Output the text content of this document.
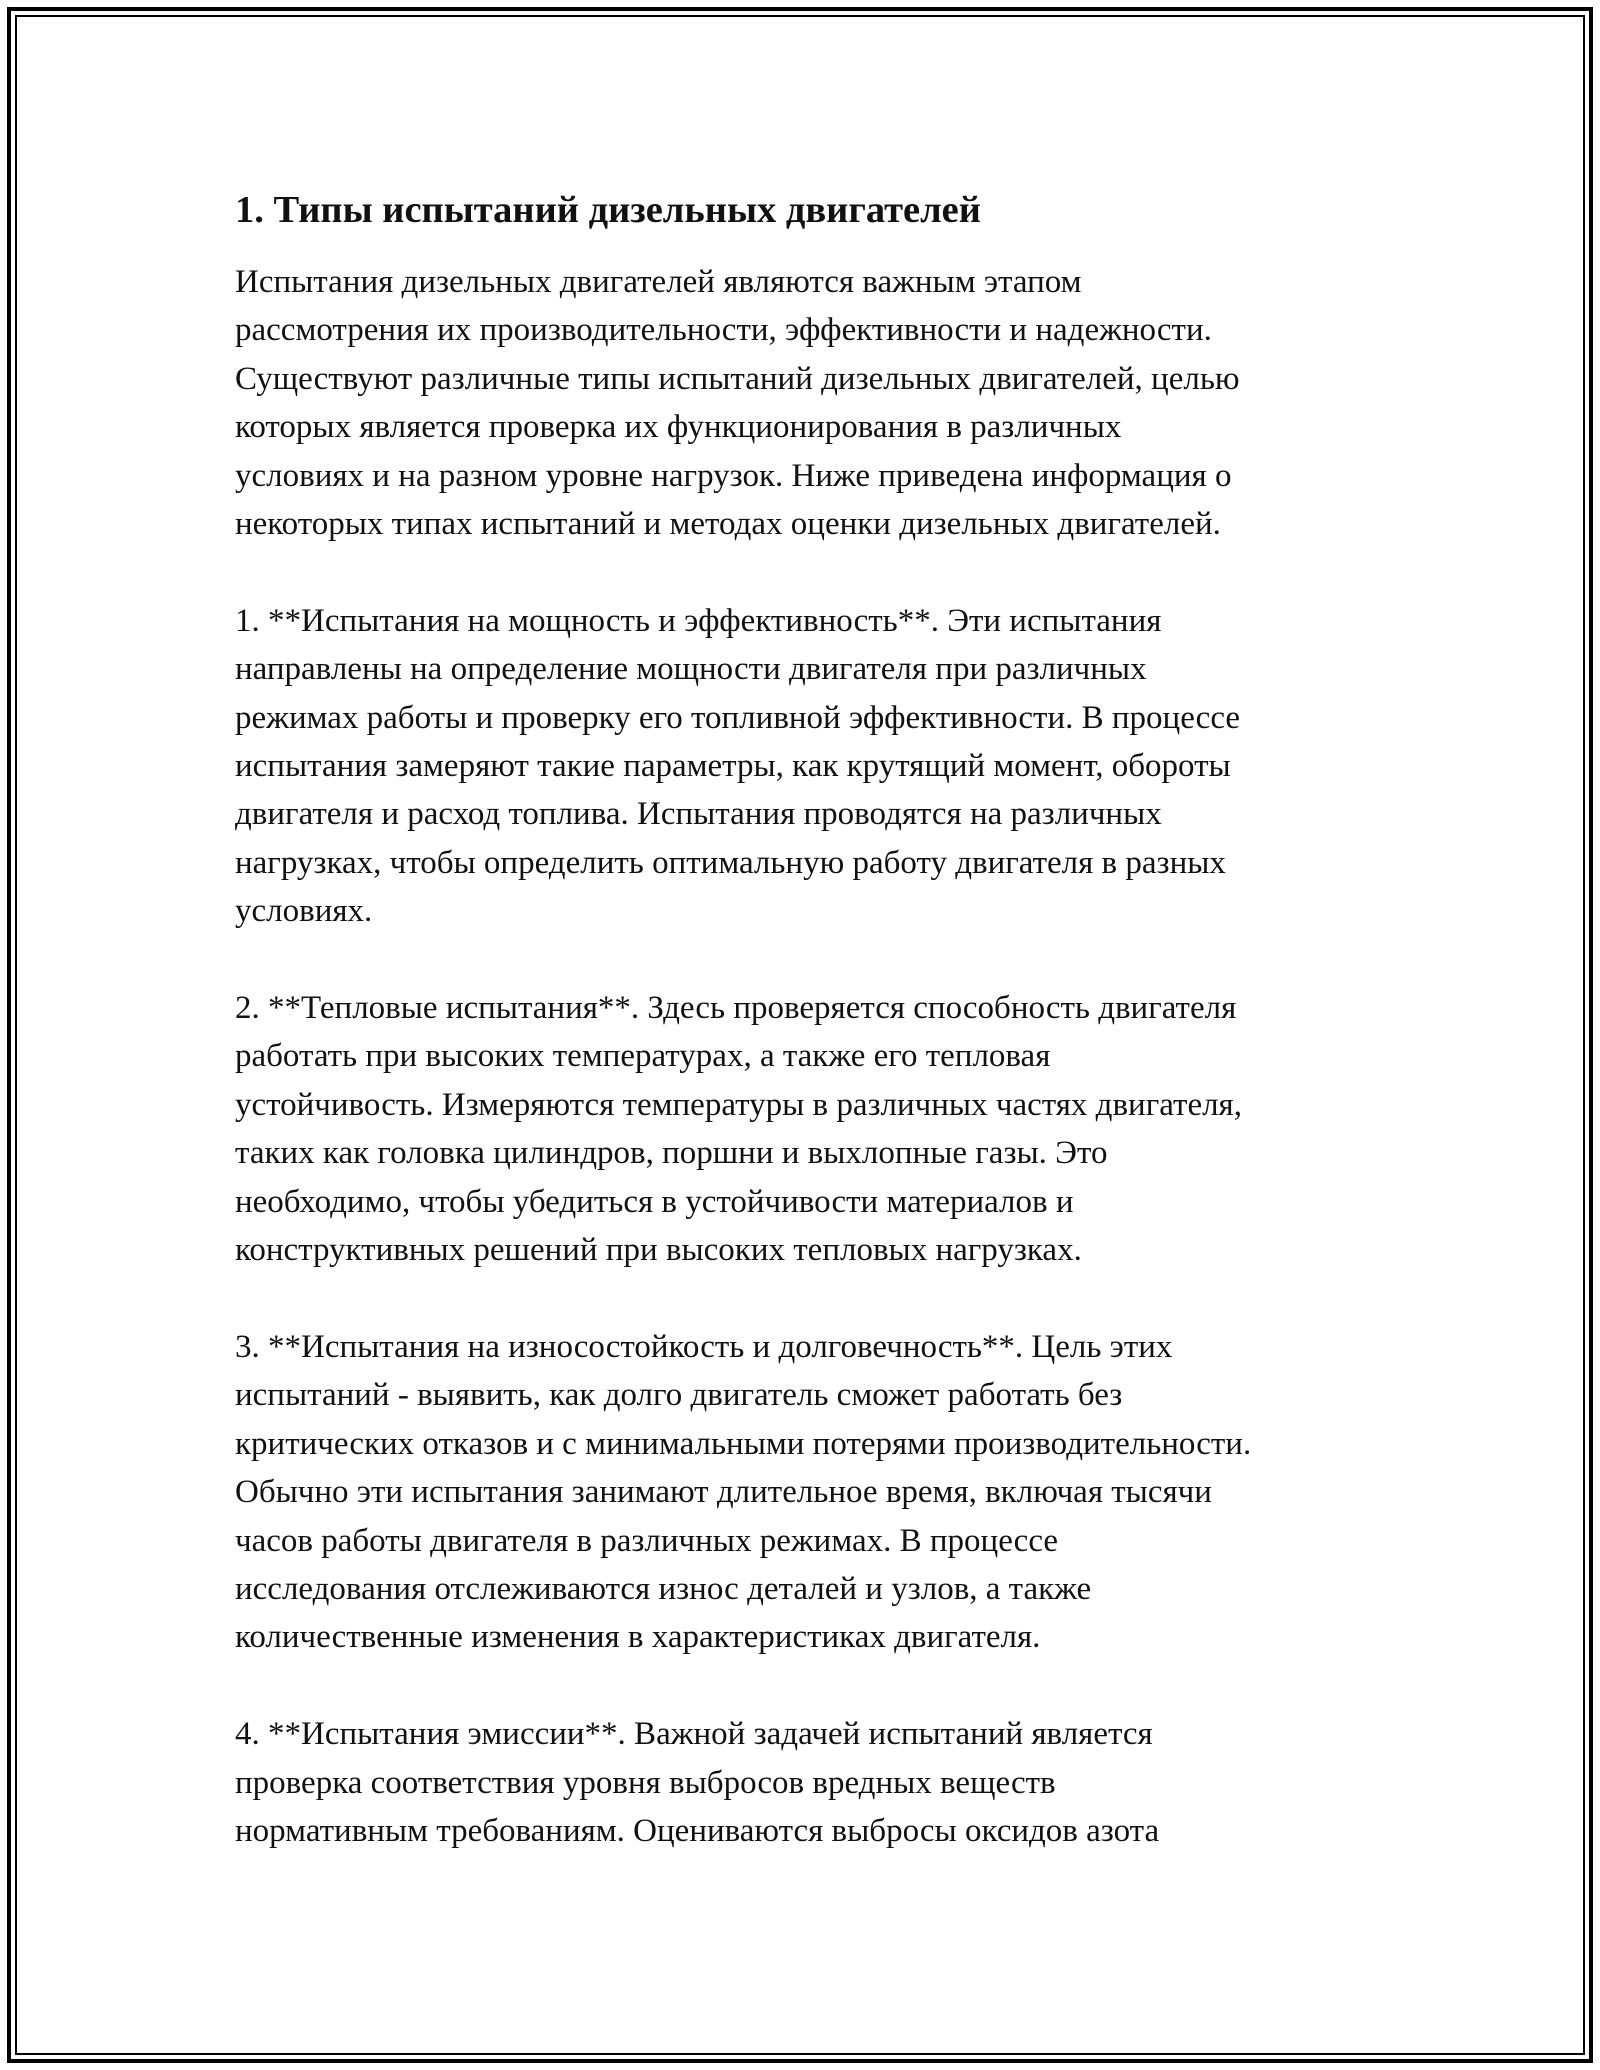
1. Типы испытаний дизельных двигателей
Испытания дизельных двигателей являются важным этапом
рассмотрения их производительности, эффективности и надежности.
Существуют различные типы испытаний дизельных двигателей, целью
которых является проверка их функционирования в различных
условиях и на разном уровне нагрузок. Ниже приведена информация о
некоторых типах испытаний и методах оценки дизельных двигателей.
1. **Испытания на мощность и эффективность**. Эти испытания
направлены на определение мощности двигателя при различных
режимах работы и проверку его топливной эффективности. В процессе
испытания замеряют такие параметры, как крутящий момент, обороты
двигателя и расход топлива. Испытания проводятся на различных
нагрузках, чтобы определить оптимальную работу двигателя в разных
условиях.
2. **Тепловые испытания**. Здесь проверяется способность двигателя
работать при высоких температурах, а также его тепловая
устойчивость. Измеряются температуры в различных частях двигателя,
таких как головка цилиндров, поршни и выхлопные газы. Это
необходимо, чтобы убедиться в устойчивости материалов и
конструктивных решений при высоких тепловых нагрузках.
3. **Испытания на износостойкость и долговечность**. Цель этих
испытаний - выявить, как долго двигатель сможет работать без
критических отказов и с минимальными потерями производительности.
Обычно эти испытания занимают длительное время, включая тысячи
часов работы двигателя в различных режимах. В процессе
исследования отслеживаются износ деталей и узлов, а также
количественные изменения в характеристиках двигателя.
4. **Испытания эмиссии**. Важной задачей испытаний является
проверка соответствия уровня выбросов вредных веществ
нормативным требованиям. Оцениваются выбросы оксидов азота
